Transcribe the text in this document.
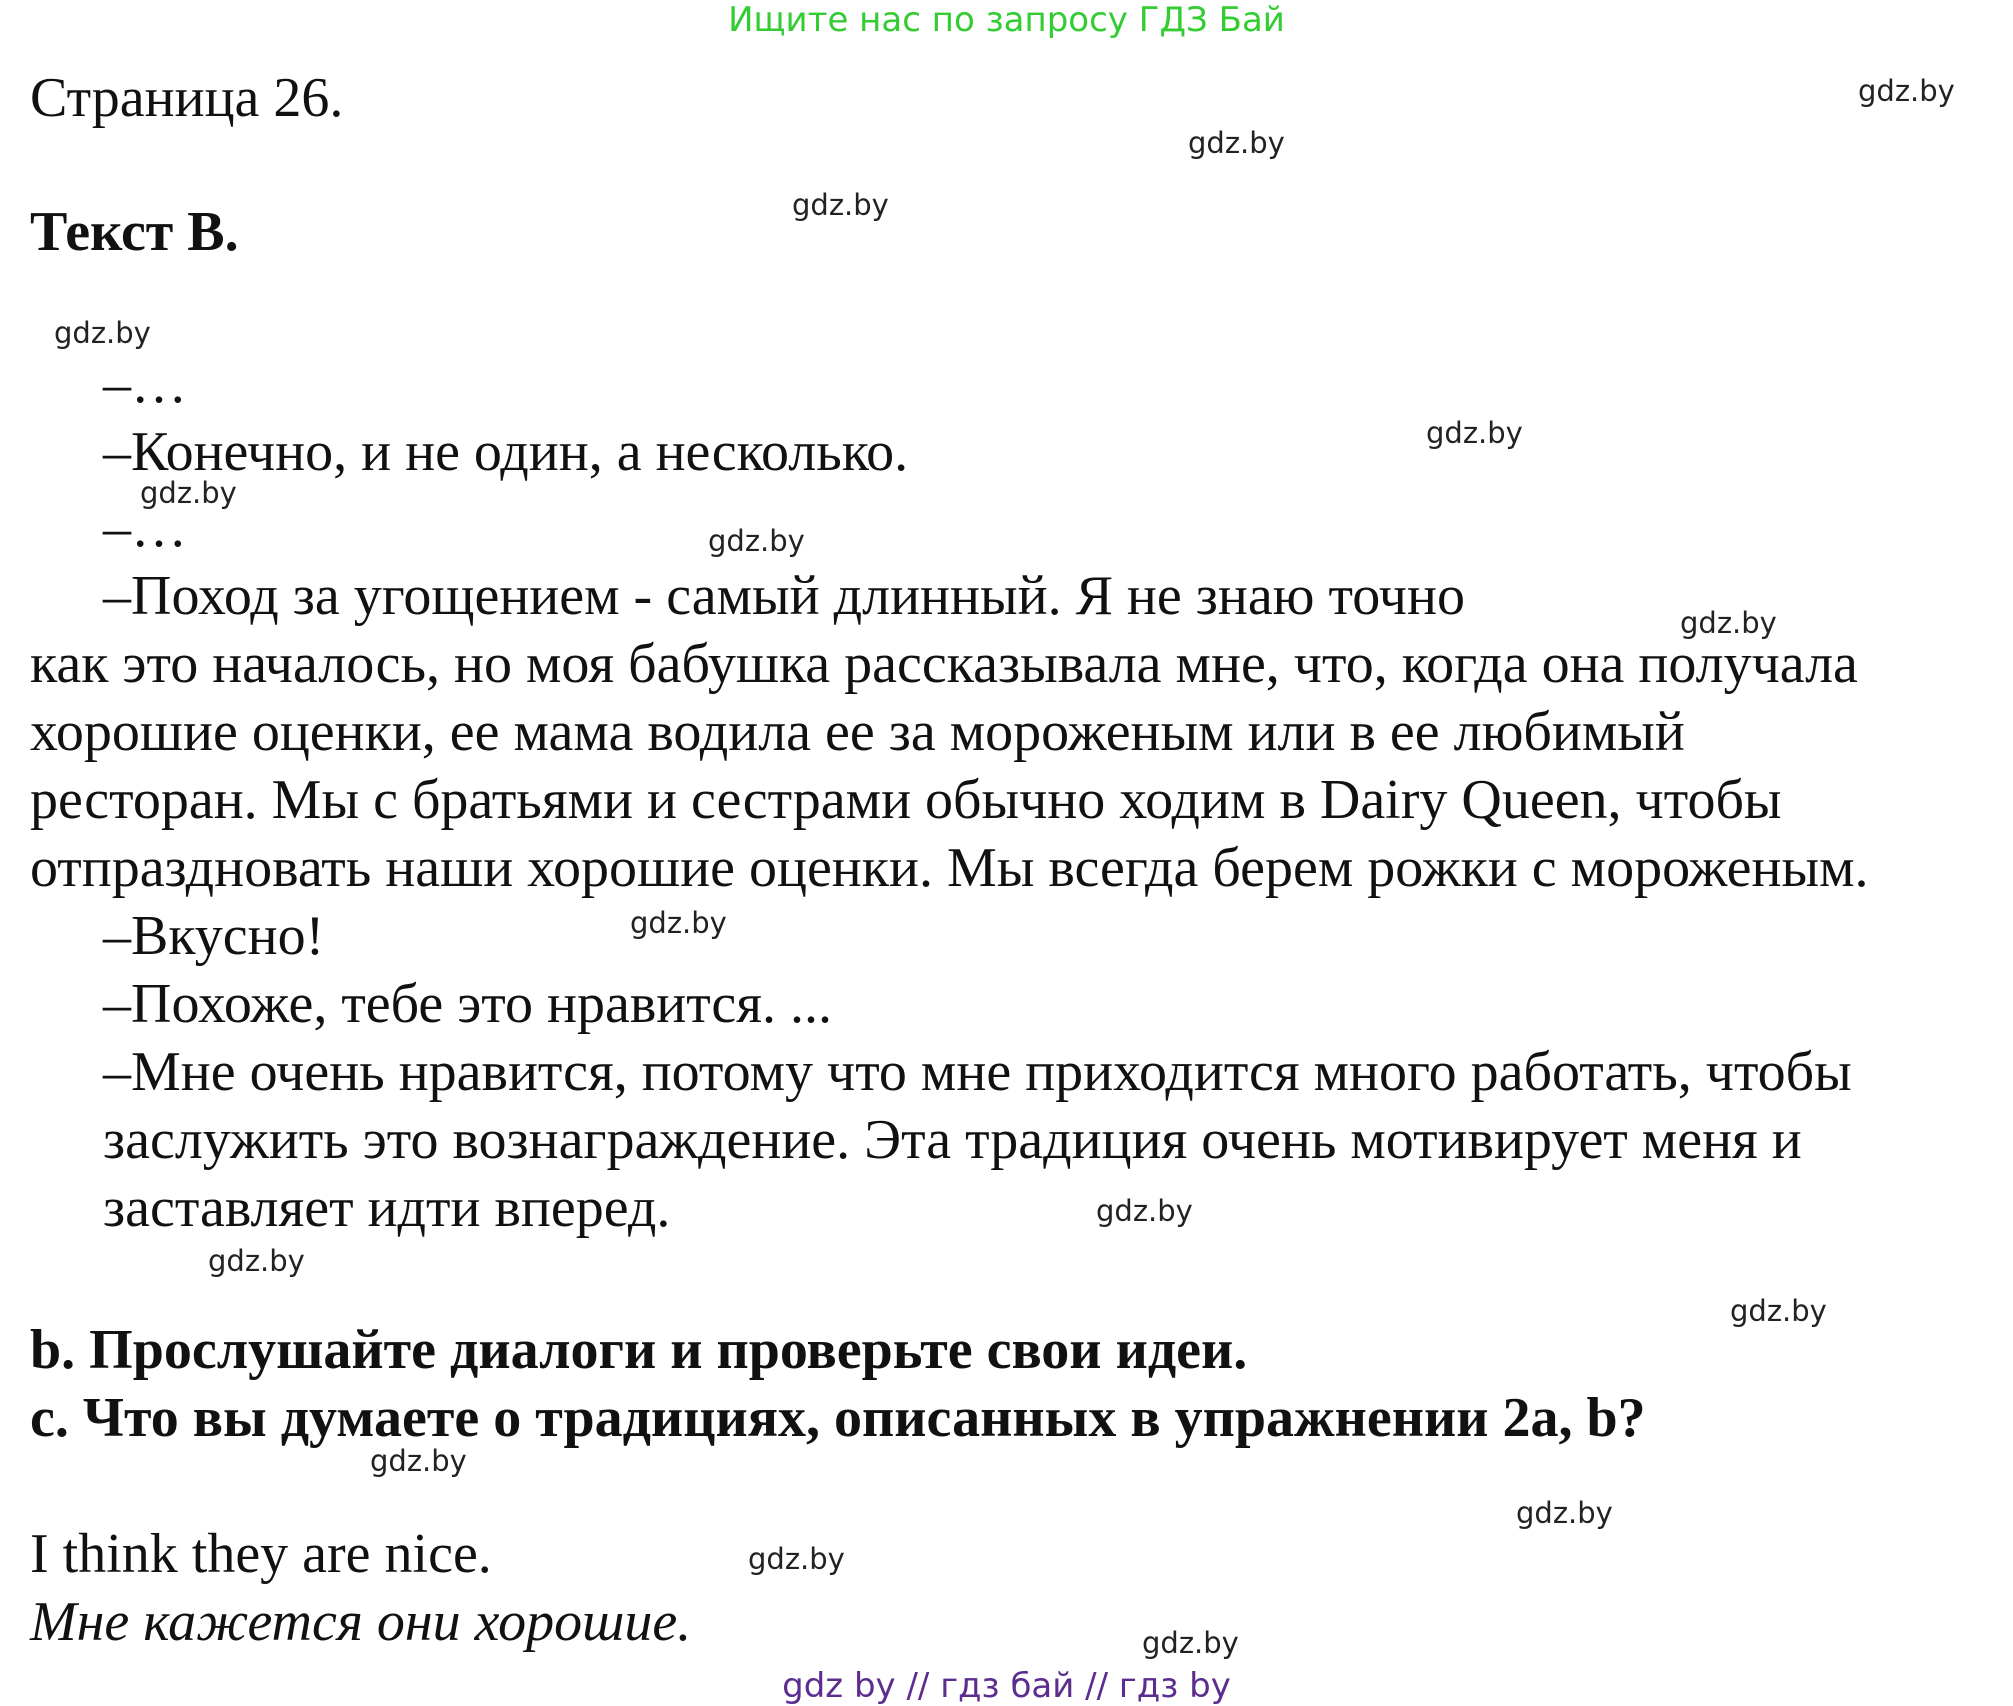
Ищите нас по запросу ГДЗ Бай
Страница 26.
Текст B.
–…
–Конечно, и не один, а несколько.
–…
–Поход за угощением - самый длинный. Я не знаю точно
как это началось, но моя бабушка рассказывала мне, что, когда она получала
хорошие оценки, ее мама водила ее за мороженым или в ее любимый
ресторан. Мы с братьями и сестрами обычно ходим в Dairy Queen, чтобы
отпраздновать наши хорошие оценки. Мы всегда берем рожки с мороженым.
–Вкусно!
–Похоже, тебе это нравится. ...
–Мне очень нравится, потому что мне приходится много работать, чтобы
заслужить это вознаграждение. Эта традиция очень мотивирует меня и
заставляет идти вперед.
b. Прослушайте диалоги и проверьте свои идеи.
c. Что вы думаете о традициях, описанных в упражнении 2a, b?
I think they are nice.
Мне кажется они хорошие.
gdz.by
gdz.by
gdz.by
gdz.by
gdz.by
gdz.by
gdz.by
gdz.by
gdz.by
gdz.by
gdz.by
gdz.by
gdz.by
gdz.by
gdz.by
gdz.by
gdz by // гдз бай // гдз by
